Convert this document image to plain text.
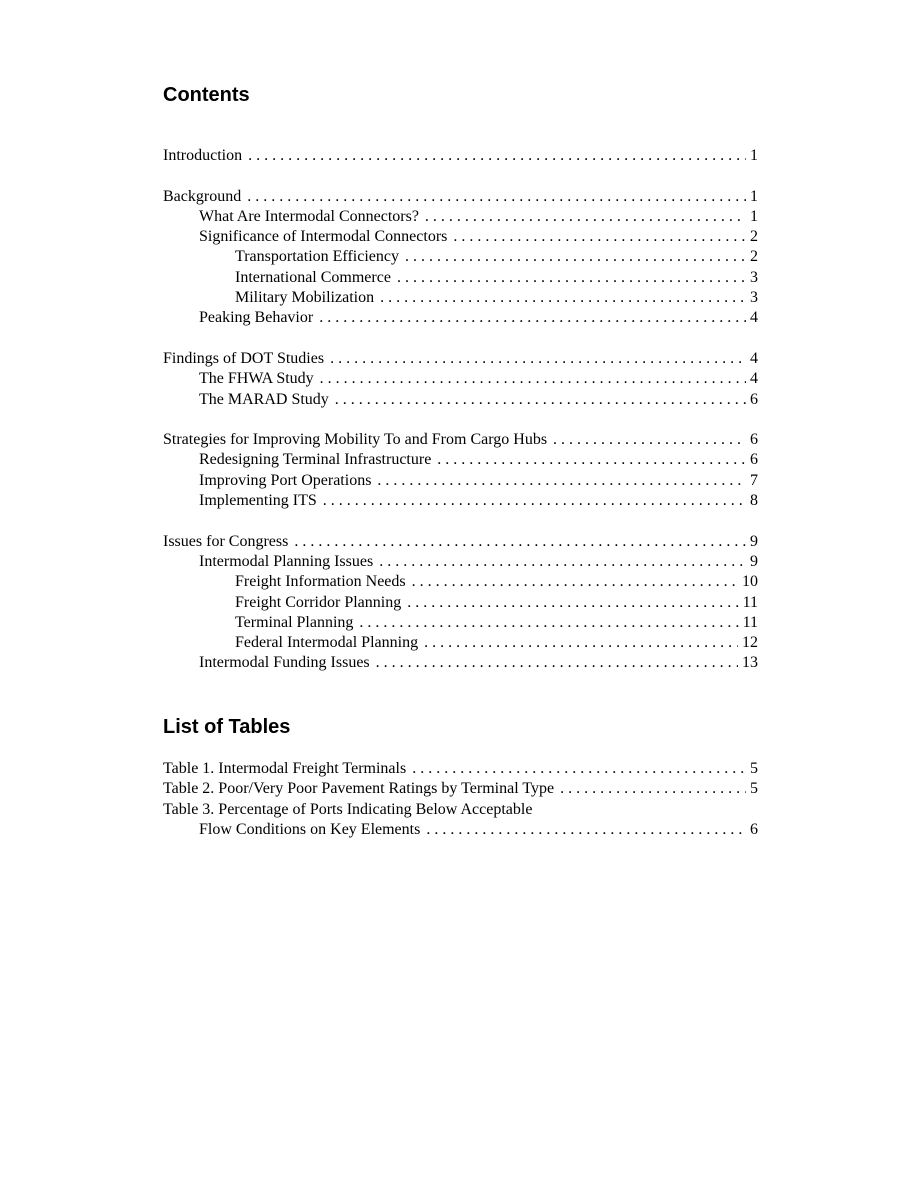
Contents
Introduction . . .	1
Background . . .	1
What Are Intermodal Connectors? . . .	1
Significance of Intermodal Connectors . . .	2
Transportation Efficiency . . .	2
International Commerce . . .	3
Military Mobilization . . .	3
Peaking Behavior . . .	4
Findings of DOT Studies . . .	4
The FHWA Study . . .	4
The MARAD Study . . .	6
Strategies for Improving Mobility To and From Cargo Hubs . . .	6
Redesigning Terminal Infrastructure . . .	6
Improving Port Operations . . .	7
Implementing ITS . . .	8
Issues for Congress . . .	9
Intermodal Planning Issues . . .	9
Freight Information Needs . . .	10
Freight Corridor Planning . . .	11
Terminal Planning . . .	11
Federal Intermodal Planning . . .	12
Intermodal Funding Issues . . .	13
List of Tables
Table 1. Intermodal Freight Terminals . . .	5
Table 2. Poor/Very Poor Pavement Ratings by Terminal Type . . .	5
Table 3. Percentage of Ports Indicating Below Acceptable
Flow Conditions on Key Elements . . .	6
